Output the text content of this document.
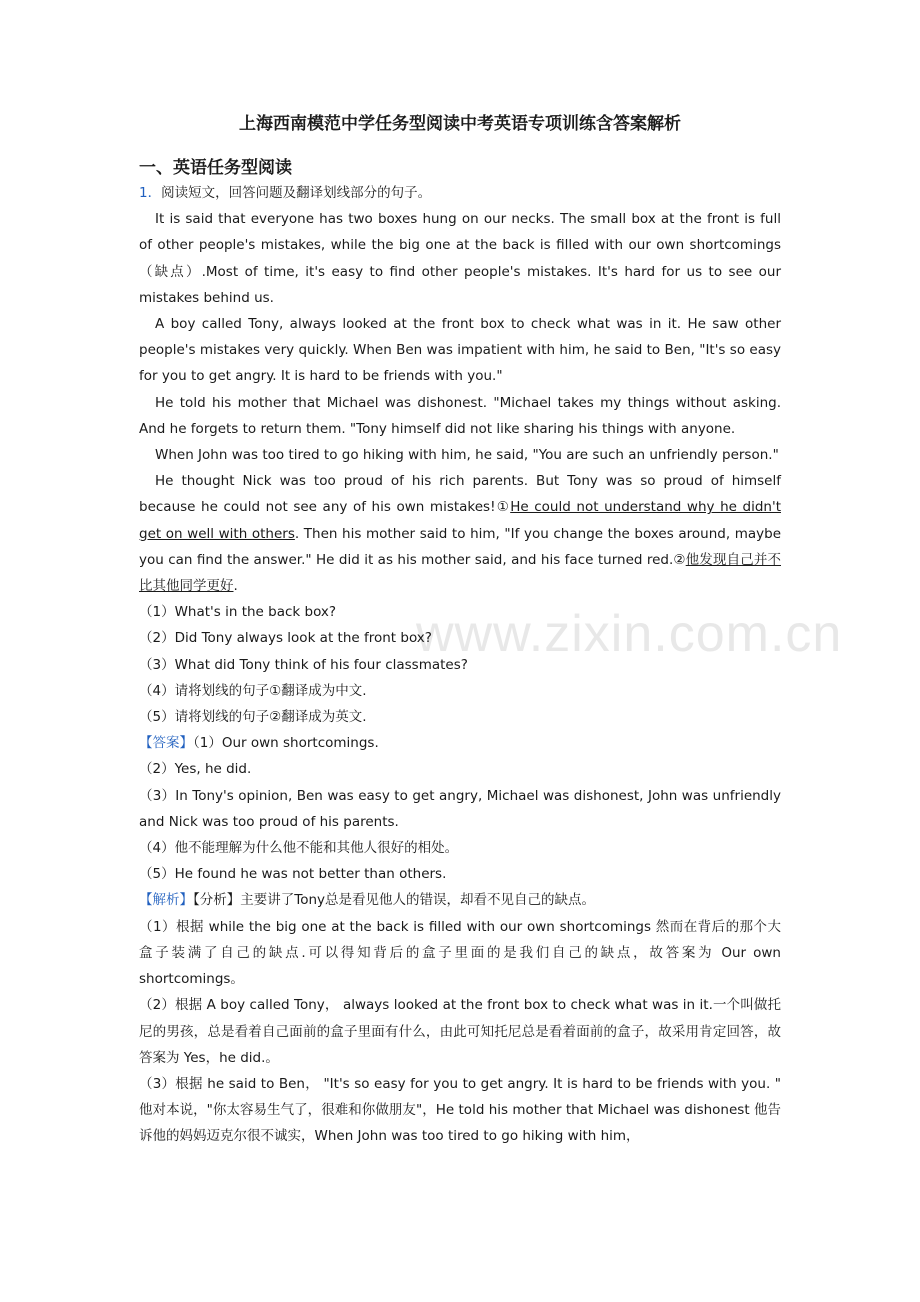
www.zixin.com.cn
上海西南模范中学任务型阅读中考英语专项训练含答案解析
一、英语任务型阅读

1．阅读短文，回答问题及翻译划线部分的句子。

It is said that everyone has two boxes hung on our necks. The small box at the front is full of other people's mistakes, while the big one at the back is filled with our own shortcomings（缺点）.Most of time, it's easy to find other people's mistakes. It's hard for us to see our mistakes behind us.

A boy called Tony, always looked at the front box to check what was in it. He saw other people's mistakes very quickly. When Ben was impatient with him, he said to Ben, "It's so easy for you to get angry. It is hard to be friends with you."

He told his mother that Michael was dishonest. "Michael takes my things without asking. And he forgets to return them. "Tony himself did not like sharing his things with anyone.

When John was too tired to go hiking with him, he said, "You are such an unfriendly person."

He thought Nick was too proud of his rich parents. But Tony was so proud of himself because he could not see any of his own mistakes!①He could not understand why he didn't get on well with others. Then his mother said to him, "If you change the boxes around, maybe you can find the answer." He did it as his mother said, and his face turned red.②他发现自己并不比其他同学更好.

（1）What's in the back box?

（2）Did Tony always look at the front box?

（3）What did Tony think of his four classmates?

（4）请将划线的句子①翻译成为中文.

（5）请将划线的句子②翻译成为英文.

【答案】（1）Our own shortcomings.

（2）Yes, he did.

（3）In Tony's opinion, Ben was easy to get angry, Michael was dishonest, John was unfriendly and Nick was too proud of his parents.

（4）他不能理解为什么他不能和其他人很好的相处。

（5）He found he was not better than others.

【解析】【分析】主要讲了Tony总是看见他人的错误，却看不见自己的缺点。

（1）根据 while the big one at the back is filled with our own shortcomings 然而在背后的那个大盒子装满了自己的缺点.可以得知背后的盒子里面的是我们自己的缺点，故答案为 Our own shortcomings。

（2）根据 A boy called Tony， always looked at the front box to check what was in it.一个叫做托尼的男孩，总是看着自己面前的盒子里面有什么，由此可知托尼总是看着面前的盒子，故采用肯定回答，故答案为 Yes，he did.。

（3）根据 he said to Ben， "It's so easy for you to get angry. It is hard to be friends with you. " 他对本说，"你太容易生气了，很难和你做朋友"，He told his mother that Michael was dishonest 他告诉他的妈妈迈克尔很不诚实，When John was too tired to go hiking with him，
